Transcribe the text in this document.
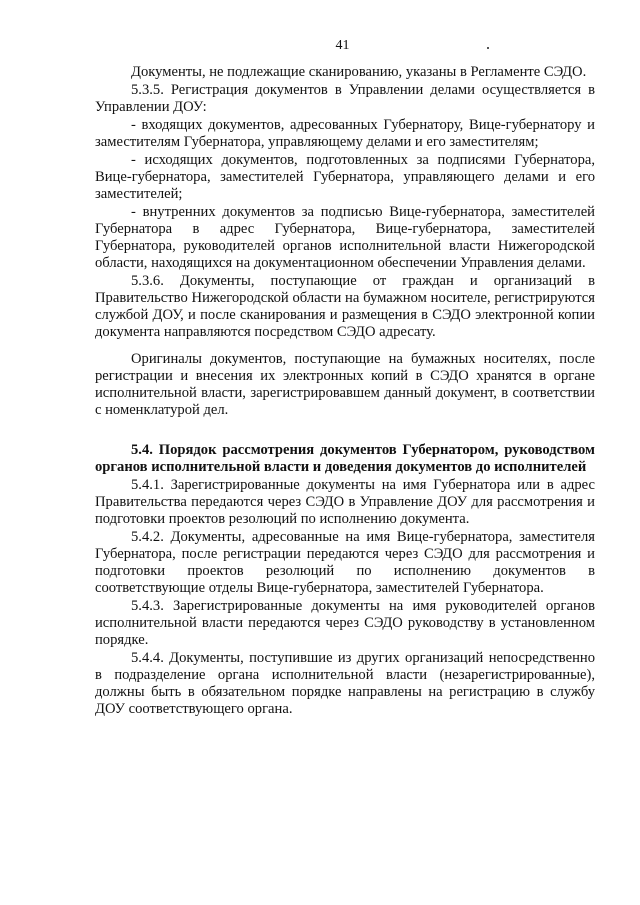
41

Документы, не подлежащие сканированию, указаны в Регламенте СЭДО.

5.3.5. Регистрация документов в Управлении делами осуществляется в Управлении ДОУ:

- входящих документов, адресованных Губернатору, Вице-губернатору и заместителям Губернатора, управляющему делами и его заместителям;

- исходящих документов, подготовленных за подписями Губернатора, Вице-губернатора, заместителей Губернатора, управляющего делами и его заместителей;

- внутренних документов за подписью Вице-губернатора, заместителей Губернатора в адрес Губернатора, Вице-губернатора, заместителей Губернатора, руководителей органов исполнительной власти Нижегородской области, находящихся на документационном обеспечении Управления делами.

5.3.6. Документы, поступающие от граждан и организаций в Правительство Нижегородской области на бумажном носителе, регистрируются службой ДОУ, и после сканирования и размещения в СЭДО электронной копии документа направляются посредством СЭДО адресату.

Оригиналы документов, поступающие на бумажных носителях, после регистрации и внесения их электронных копий в СЭДО хранятся в органе исполнительной власти, зарегистрировавшем данный документ, в соответствии с номенклатурой дел.

5.4. Порядок рассмотрения документов Губернатором, руководством органов исполнительной власти и доведения документов до исполнителей

5.4.1. Зарегистрированные документы на имя Губернатора или в адрес Правительства передаются через СЭДО в Управление ДОУ для рассмотрения и подготовки проектов резолюций по исполнению документа.

5.4.2. Документы, адресованные на имя Вице-губернатора, заместителя Губернатора, после регистрации передаются через СЭДО для рассмотрения и подготовки проектов резолюций по исполнению документов в соответствующие отделы Вице-губернатора, заместителей Губернатора.

5.4.3. Зарегистрированные документы на имя руководителей органов исполнительной власти передаются через СЭДО руководству в установленном порядке.

5.4.4. Документы, поступившие из других организаций непосредственно в подразделение органа исполнительной власти (незарегистрированные), должны быть в обязательном порядке направлены на регистрацию в службу ДОУ соответствующего органа.
